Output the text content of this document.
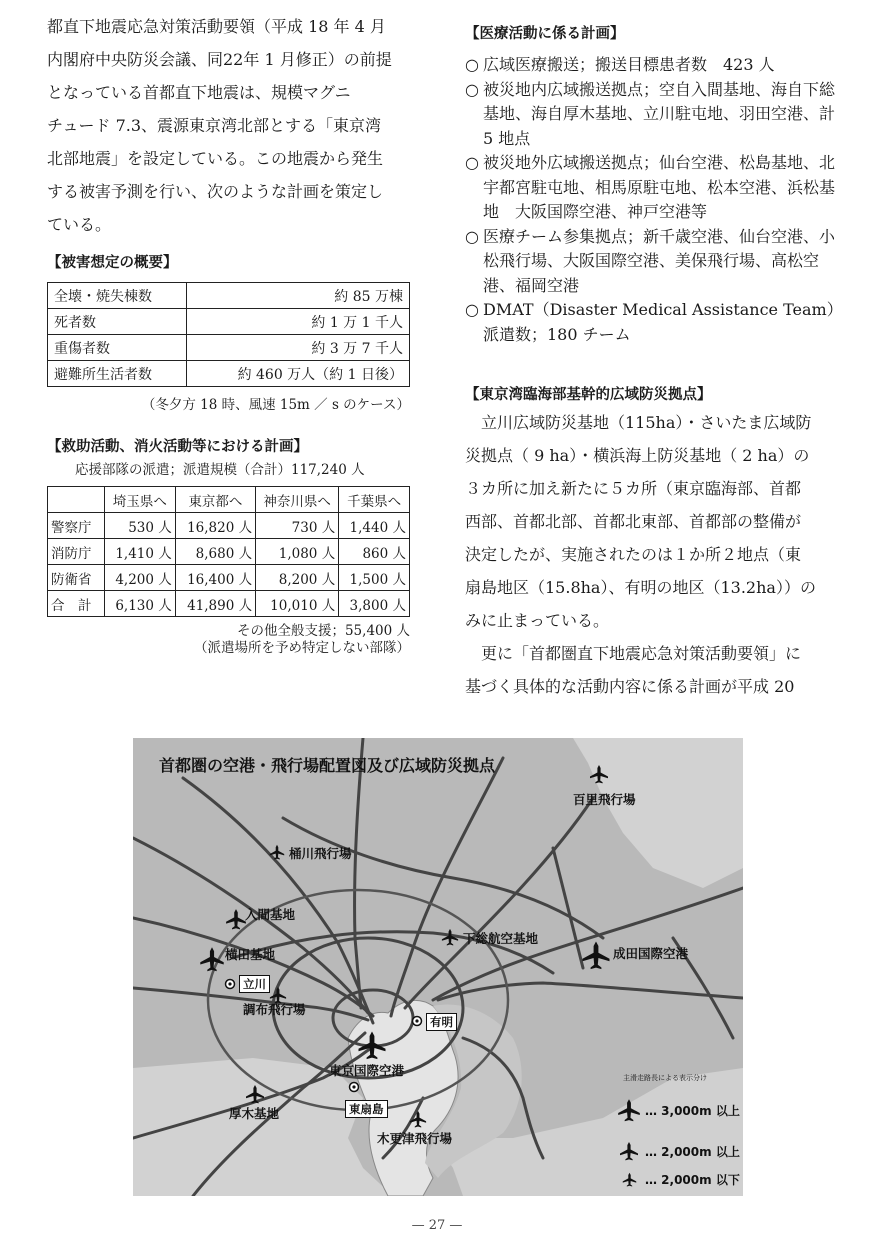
都直下地震応急対策活動要領（平成 18 年 4 月
内閣府中央防災会議、同22年 1 月修正）の前提
となっている首都直下地震は、規模マグニ
チュード 7.3、震源東京湾北部とする「東京湾
北部地震」を設定している。この地震から発生
する被害予測を行い、次のような計画を策定し
ている。
【被害想定の概要】
全壊・焼失棟数	約 85 万棟
死者数	約 1 万 1 千人
重傷者数	約 3 万 7 千人
避難所生活者数	約 460 万人（約 1 日後）
（冬夕方 18 時、風速 15m ／ s のケース）
【救助活動、消火活動等における計画】
応援部隊の派遣；派遣規模（合計）117,240 人
	埼玉県へ	東京都へ	神奈川県へ	千葉県へ
警察庁	530 人	16,820 人	730 人	1,440 人
消防庁	1,410 人	8,680 人	1,080 人	860 人
防衛省	4,200 人	16,400 人	8,200 人	1,500 人
合　計	6,130 人	41,890 人	10,010 人	3,800 人
その他全般支援；55,400 人
（派遣場所を予め特定しない部隊）
【医療活動に係る計画】
○ 広域医療搬送；搬送目標患者数　423 人
○ 被災地内広域搬送拠点；空自入間基地、海自下総基地、海自厚木基地、立川駐屯地、羽田空港、計 5 地点
○ 被災地外広域搬送拠点；仙台空港、松島基地、北宇都宮駐屯地、相馬原駐屯地、松本空港、浜松基地　大阪国際空港、神戸空港等
○ 医療チーム参集拠点；新千歳空港、仙台空港、小松飛行場、大阪国際空港、美保飛行場、高松空港、福岡空港
○ DMAT（Disaster Medical Assistance Team）派遣数；180 チーム
【東京湾臨海部基幹的広域防災拠点】
　立川広域防災基地（115ha）・さいたま広域防
災拠点（ 9 ha）・横浜海上防災基地（ 2 ha）の
３カ所に加え新たに５カ所（東京臨海部、首都
西部、首都北部、首都北東部、首都部の整備が
決定したが、実施されたのは１か所２地点（東
扇島地区（15.8ha）、有明の地区（13.2ha））の
みに止まっている。
　更に「首都圏直下地震応急対策活動要領」に
基づく具体的な活動内容に係る計画が平成 20
首都圏の空港・飛行場配置図及び広域防災拠点
百里飛行場
桶川飛行場
入間基地
横田基地
下総航空基地
成田国際空港
調布飛行場
東京国際空港
厚木基地
木更津飛行場
主滑走路長による表示分け
… 3,000m 以上
… 2,000m 以上
… 2,000m 以下
立川
有明
東扇島
— 27 —
